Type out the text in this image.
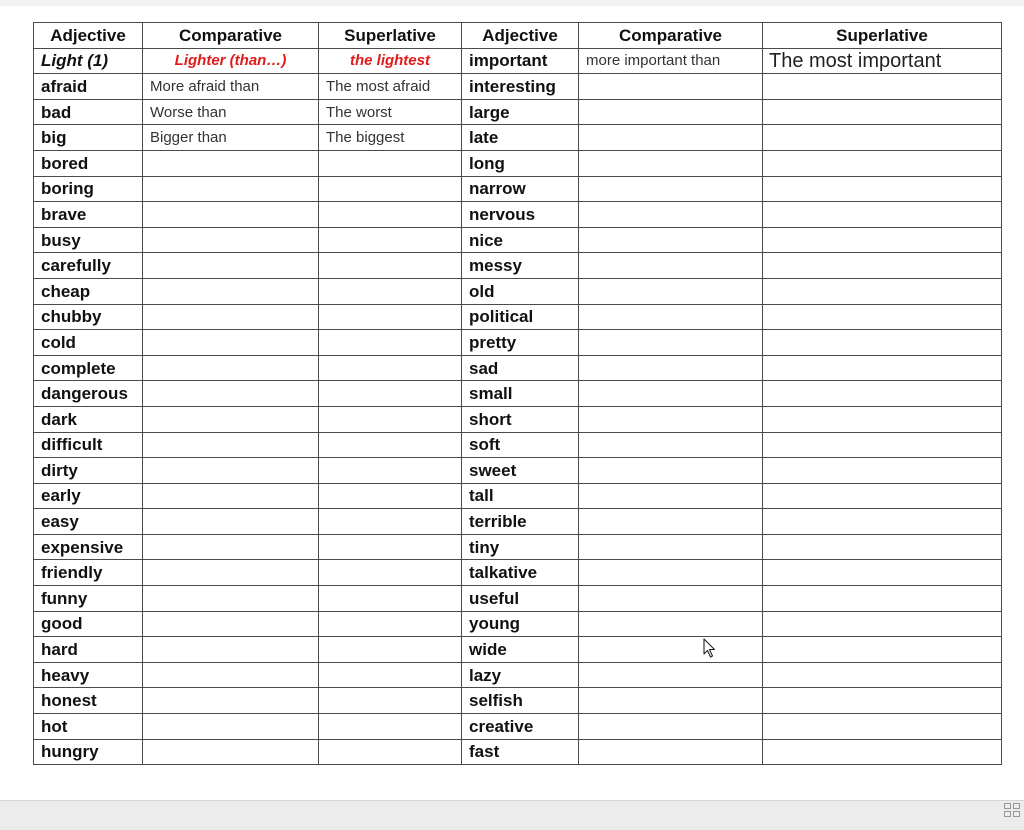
Adjective	Comparative	Superlative	Adjective	Comparative	Superlative
Light (1)	Lighter (than…)	the lightest	important	more important than	The most important
afraid	More afraid than	The most afraid	interesting		
bad	Worse than	The worst	large		
big	Bigger than	The biggest	late		
bored			long		
boring			narrow		
brave			nervous		
busy			nice		
carefully			messy		
cheap			old		
chubby			political		
cold			pretty		
complete			sad		
dangerous			small		
dark			short		
difficult			soft		
dirty			sweet		
early			tall		
easy			terrible		
expensive			tiny		
friendly			talkative		
funny			useful		
good			young		
hard			wide		
heavy			lazy		
honest			selfish		
hot			creative		
hungry			fast		
